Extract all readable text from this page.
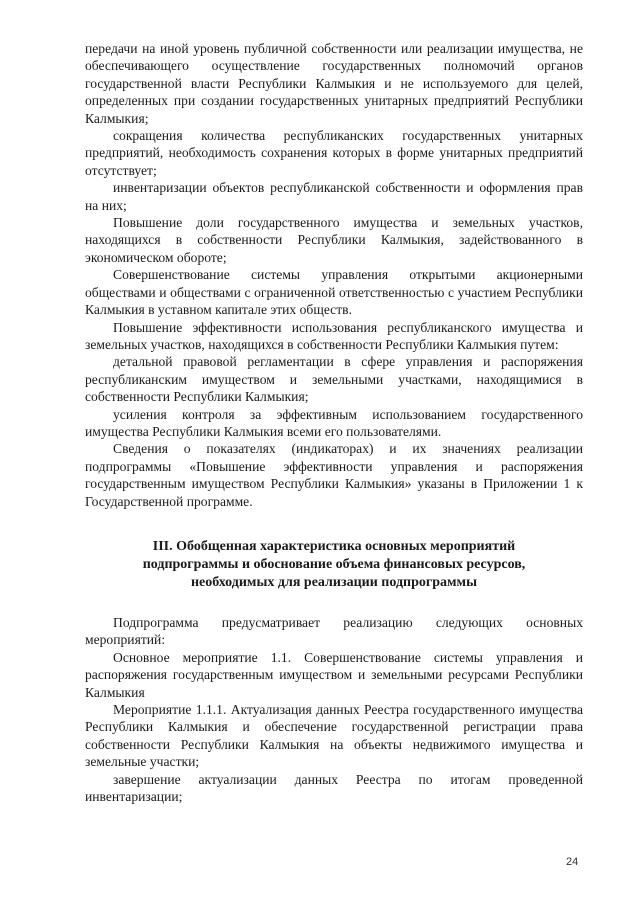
передачи на иной уровень публичной собственности или реализации имущества, не обеспечивающего осуществление государственных полномочий органов государственной власти Республики Калмыкия и не используемого для целей, определенных при создании государственных унитарных предприятий Республики Калмыкия;

сокращения количества республиканских государственных унитарных предприятий, необходимость сохранения которых в форме унитарных предприятий отсутствует;

инвентаризации объектов республиканской собственности и оформления прав на них;

Повышение доли государственного имущества и земельных участков, находящихся в собственности Республики Калмыкия, задействованного в экономическом обороте;

Совершенствование системы управления открытыми акционерными обществами и обществами с ограниченной ответственностью с участием Республики Калмыкия в уставном капитале этих обществ.

Повышение эффективности использования республиканского имущества и земельных участков, находящихся в собственности Республики Калмыкия путем:

детальной правовой регламентации в сфере управления и распоряжения республиканским имуществом и земельными участками, находящимися в собственности Республики Калмыкия;

усиления контроля за эффективным использованием государственного имущества Республики Калмыкия всеми его пользователями.

Сведения о показателях (индикаторах) и их значениях реализации подпрограммы «Повышение эффективности управления и распоряжения государственным имуществом Республики Калмыкия» указаны в Приложении 1 к Государственной программе.

III. Обобщенная характеристика основных мероприятий
подпрограммы и обоснование объема финансовых ресурсов,
необходимых для реализации подпрограммы

Подпрограмма предусматривает реализацию следующих основных мероприятий:

Основное мероприятие 1.1. Совершенствование системы управления и распоряжения государственным имуществом и земельными ресурсами Республики Калмыкия

Мероприятие 1.1.1. Актуализация данных Реестра государственного имущества Республики Калмыкия и обеспечение государственной регистрации права собственности Республики Калмыкия на объекты недвижимого имущества и земельные участки;

завершение актуализации данных Реестра по итогам проведенной инвентаризации;

24
